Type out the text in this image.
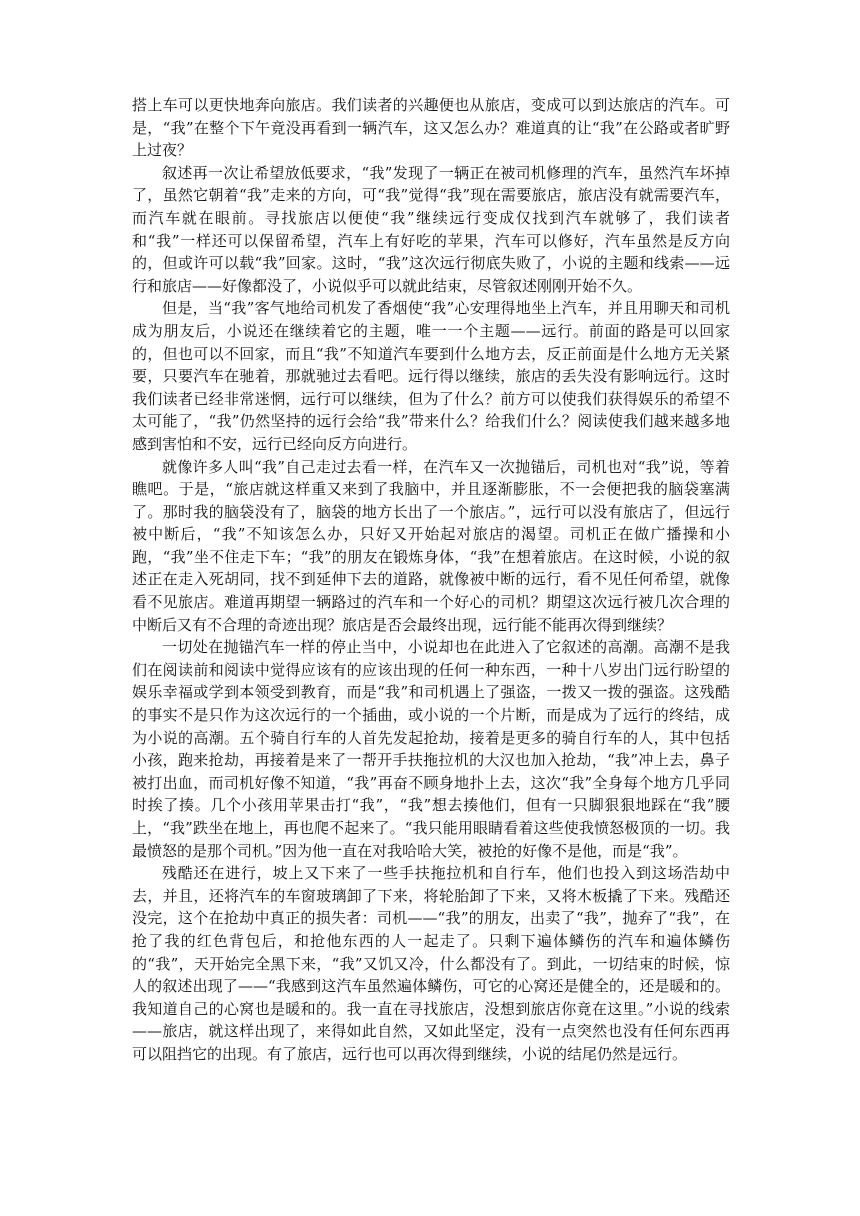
搭上车可以更快地奔向旅店。我们读者的兴趣便也从旅店，变成可以到达旅店的汽车。可是，“我”在整个下午竟没再看到一辆汽车，这又怎么办？难道真的让“我”在公路或者旷野上过夜？

叙述再一次让希望放低要求，“我”发现了一辆正在被司机修理的汽车，虽然汽车坏掉了，虽然它朝着“我”走来的方向，可“我”觉得“我”现在需要旅店，旅店没有就需要汽车，而汽车就在眼前。寻找旅店以便使“我”继续远行变成仅找到汽车就够了，我们读者和“我”一样还可以保留希望，汽车上有好吃的苹果，汽车可以修好，汽车虽然是反方向的，但或许可以载“我”回家。这时，“我”这次远行彻底失败了，小说的主题和线索——远行和旅店——好像都没了，小说似乎可以就此结束，尽管叙述刚刚开始不久。

但是，当“我”客气地给司机发了香烟使“我”心安理得地坐上汽车，并且用聊天和司机成为朋友后，小说还在继续着它的主题，唯一一个主题——远行。前面的路是可以回家的，但也可以不回家，而且“我”不知道汽车要到什么地方去，反正前面是什么地方无关紧要，只要汽车在驰着，那就驰过去看吧。远行得以继续，旅店的丢失没有影响远行。这时我们读者已经非常迷惘，远行可以继续，但为了什么？前方可以使我们获得娱乐的希望不太可能了，“我”仍然坚持的远行会给“我”带来什么？给我们什么？阅读使我们越来越多地感到害怕和不安，远行已经向反方向进行。

就像许多人叫“我”自己走过去看一样，在汽车又一次抛锚后，司机也对“我”说，等着瞧吧。于是，“旅店就这样重又来到了我脑中，并且逐渐膨胀，不一会便把我的脑袋塞满了。那时我的脑袋没有了，脑袋的地方长出了一个旅店。”，远行可以没有旅店了，但远行被中断后，“我”不知该怎么办，只好又开始起对旅店的渴望。司机正在做广播操和小跑，“我”坐不住走下车；“我”的朋友在锻炼身体，“我”在想着旅店。在这时候，小说的叙述正在走入死胡同，找不到延伸下去的道路，就像被中断的远行，看不见任何希望，就像看不见旅店。难道再期望一辆路过的汽车和一个好心的司机？期望这次远行被几次合理的中断后又有不合理的奇迹出现？旅店是否会最终出现，远行能不能再次得到继续？

一切处在抛锚汽车一样的停止当中，小说却也在此进入了它叙述的高潮。高潮不是我们在阅读前和阅读中觉得应该有的应该出现的任何一种东西，一种十八岁出门远行盼望的娱乐幸福或学到本领受到教育，而是“我”和司机遇上了强盗，一拨又一拨的强盗。这残酷的事实不是只作为这次远行的一个插曲，或小说的一个片断，而是成为了远行的终结，成为小说的高潮。五个骑自行车的人首先发起抢劫，接着是更多的骑自行车的人，其中包括小孩，跑来抢劫，再接着是来了一帮开手扶拖拉机的大汉也加入抢劫，“我”冲上去，鼻子被打出血，而司机好像不知道，“我”再奋不顾身地扑上去，这次“我”全身每个地方几乎同时挨了揍。几个小孩用苹果击打“我”，“我”想去揍他们，但有一只脚狠狠地踩在“我”腰上，“我”跌坐在地上，再也爬不起来了。“我只能用眼睛看着这些使我愤怒极顶的一切。我最愤怒的是那个司机。”因为他一直在对我哈哈大笑，被抢的好像不是他，而是“我”。

残酷还在进行，坡上又下来了一些手扶拖拉机和自行车，他们也投入到这场浩劫中去，并且，还将汽车的车窗玻璃卸了下来，将轮胎卸了下来，又将木板撬了下来。残酷还没完，这个在抢劫中真正的损失者：司机——“我”的朋友，出卖了“我”，抛弃了“我”，在抢了我的红色背包后，和抢他东西的人一起走了。只剩下遍体鳞伤的汽车和遍体鳞伤的“我”，天开始完全黑下来，“我”又饥又冷，什么都没有了。到此，一切结束的时候，惊人的叙述出现了——“我感到这汽车虽然遍体鳞伤，可它的心窝还是健全的，还是暖和的。我知道自己的心窝也是暖和的。我一直在寻找旅店，没想到旅店你竟在这里。”小说的线索——旅店，就这样出现了，来得如此自然，又如此坚定，没有一点突然也没有任何东西再可以阻挡它的出现。有了旅店，远行也可以再次得到继续，小说的结尾仍然是远行。
